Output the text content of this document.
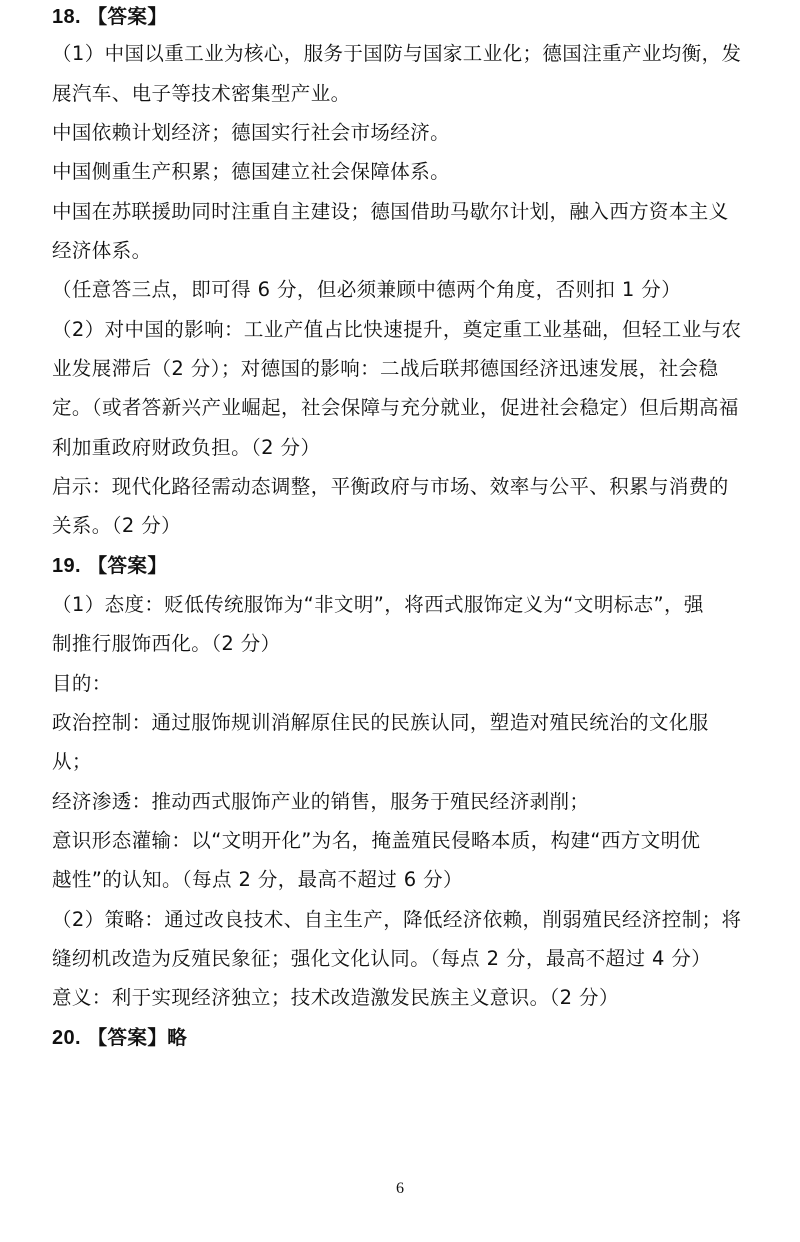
18. 【答案】
（1）中国以重工业为核心，服务于国防与国家工业化；德国注重产业均衡，发
展汽车、电子等技术密集型产业。
中国依赖计划经济；德国实行社会市场经济。
中国侧重生产积累；德国建立社会保障体系。
中国在苏联援助同时注重自主建设；德国借助马歇尔计划，融入西方资本主义
经济体系。
（任意答三点，即可得 6 分，但必须兼顾中德两个角度，否则扣 1 分）
（2）对中国的影响：工业产值占比快速提升，奠定重工业基础，但轻工业与农
业发展滞后（2 分）；对德国的影响：二战后联邦德国经济迅速发展，社会稳
定。（或者答新兴产业崛起，社会保障与充分就业，促进社会稳定）但后期高福
利加重政府财政负担。（2 分）
启示：现代化路径需动态调整，平衡政府与市场、效率与公平、积累与消费的
关系。（2 分）
19. 【答案】
（1）态度：贬低传统服饰为“非文明”，将西式服饰定义为“文明标志”，强
制推行服饰西化。（2 分）
目的：
政治控制：通过服饰规训消解原住民的民族认同，塑造对殖民统治的文化服
从；
经济渗透：推动西式服饰产业的销售，服务于殖民经济剥削；
意识形态灌输：以“文明开化”为名，掩盖殖民侵略本质，构建“西方文明优
越性”的认知。（每点 2 分，最高不超过 6 分）
（2）策略：通过改良技术、自主生产，降低经济依赖，削弱殖民经济控制；将
缝纫机改造为反殖民象征；强化文化认同。（每点 2 分，最高不超过 4 分）
意义：利于实现经济独立；技术改造激发民族主义意识。（2 分）
20. 【答案】略
6
